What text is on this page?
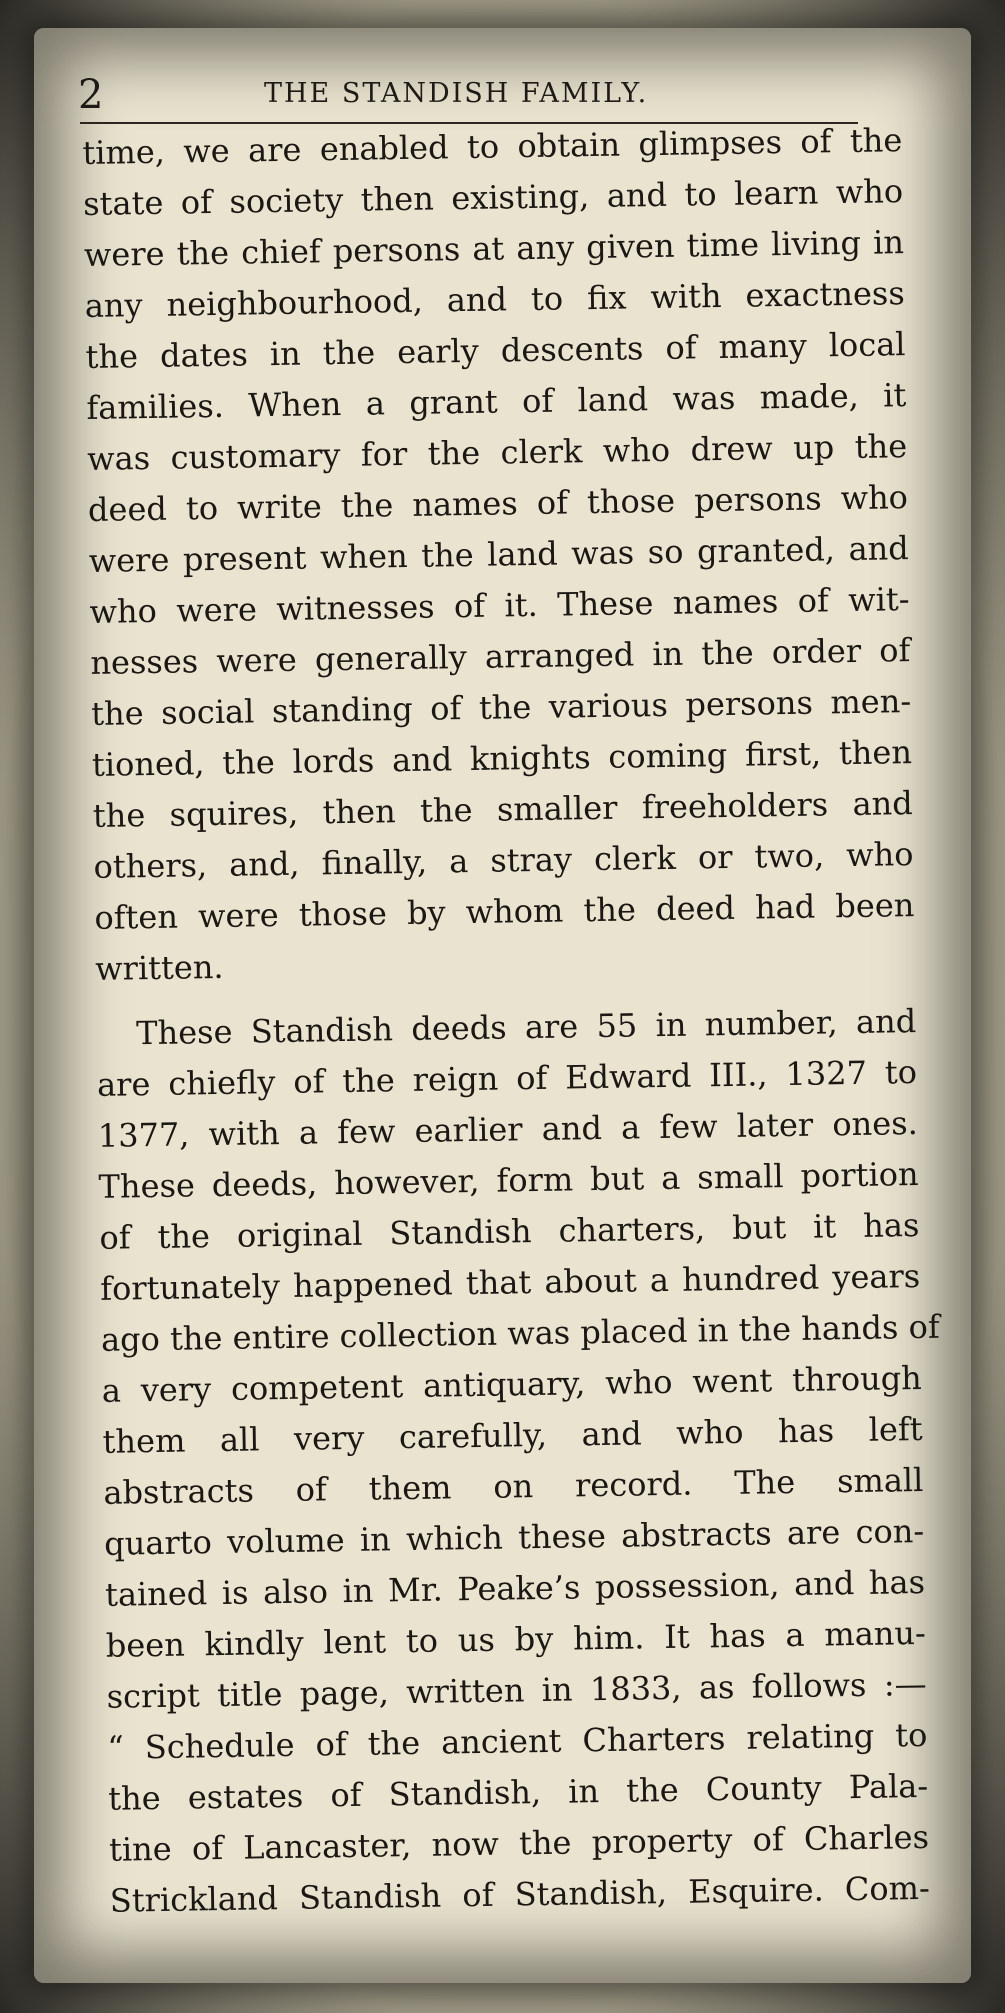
2	THE STANDISH FAMILY.
time, we are enabled to obtain glimpses of the
state of society then existing, and to learn who
were the chief persons at any given time living in
any neighbourhood, and to fix with exactness
the dates in the early descents of many local
families. When a grant of land was made, it
was customary for the clerk who drew up the
deed to write the names of those persons who
were present when the land was so granted, and
who were witnesses of it. These names of wit-
nesses were generally arranged in the order of
the social standing of the various persons men-
tioned, the lords and knights coming first, then
the squires, then the smaller freeholders and
others, and, finally, a stray clerk or two, who
often were those by whom the deed had been
written.
These Standish deeds are 55 in number, and
are chiefly of the reign of Edward III., 1327 to
1377, with a few earlier and a few later ones.
These deeds, however, form but a small portion
of the original Standish charters, but it has
fortunately happened that about a hundred years
ago the entire collection was placed in the hands of
a very competent antiquary, who went through
them all very carefully, and who has left
abstracts of them on record. The small
quarto volume in which these abstracts are con-
tained is also in Mr. Peake’s possession, and has
been kindly lent to us by him. It has a manu-
script title page, written in 1833, as follows :—
“ Schedule of the ancient Charters relating to
the estates of Standish, in the County Pala-
tine of Lancaster, now the property of Charles
Strickland Standish of Standish, Esquire. Com-
